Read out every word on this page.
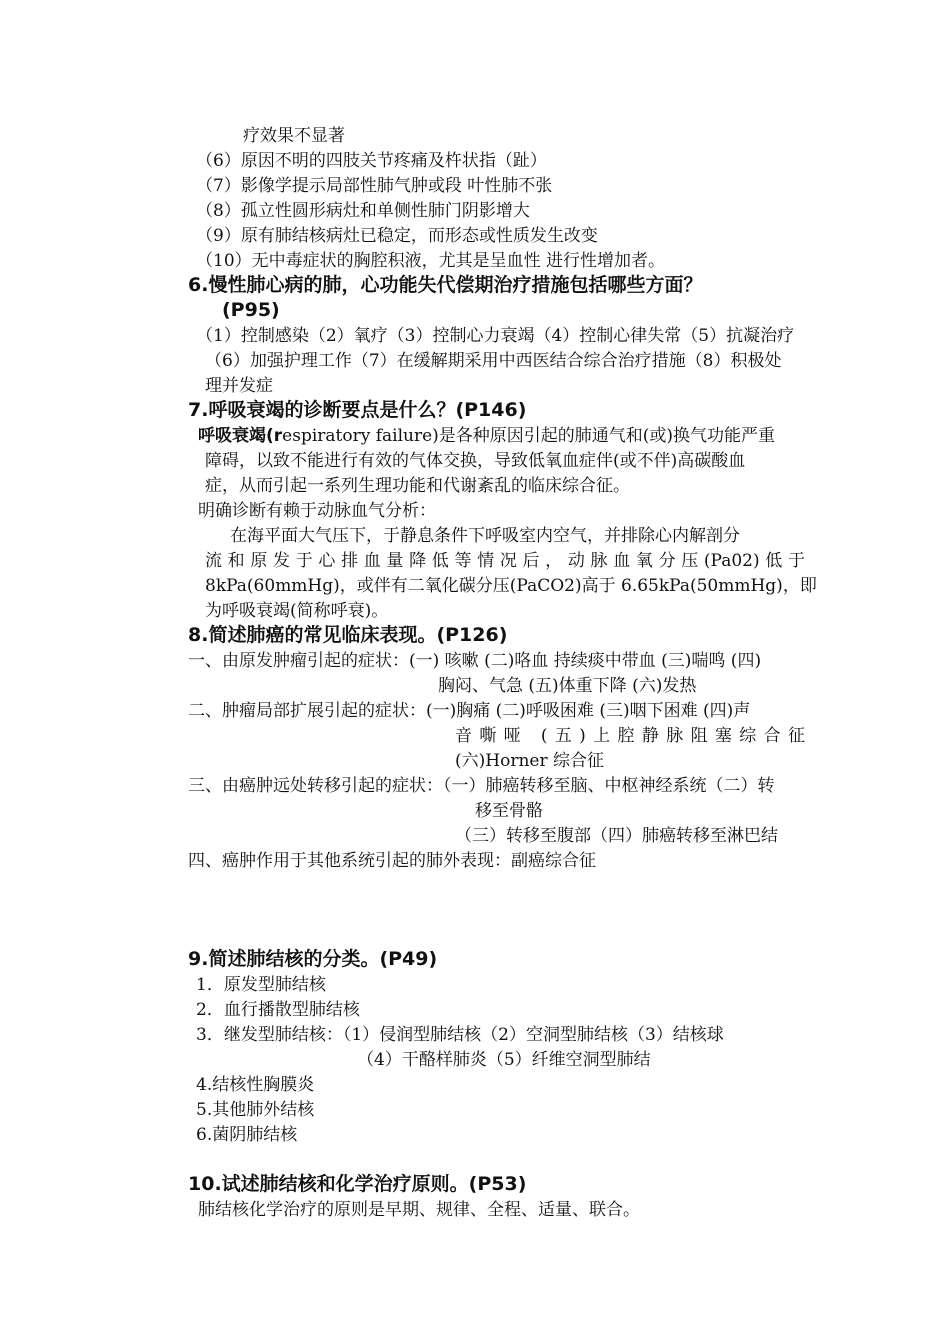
疗效果不显著
（6）原因不明的四肢关节疼痛及杵状指（趾）
（7）影像学提示局部性肺气肿或段 叶性肺不张
（8）孤立性圆形病灶和单侧性肺门阴影增大
（9）原有肺结核病灶已稳定，而形态或性质发生改变
（10）无中毒症状的胸腔积液，尤其是呈血性 进行性增加者。
6.慢性肺心病的肺，心功能失代偿期治疗措施包括哪些方面？
(P95)
（1）控制感染（2）氧疗（3）控制心力衰竭（4）控制心律失常（5）抗凝治疗
（6）加强护理工作（7）在缓解期采用中西医结合综合治疗措施（8）积极处
理并发症
7.呼吸衰竭的诊断要点是什么？(P146)
呼吸衰竭(respiratory failure)是各种原因引起的肺通气和(或)换气功能严重
障碍，以致不能进行有效的气体交换，导致低氧血症伴(或不伴)高碳酸血
症，从而引起一系列生理功能和代谢紊乱的临床综合征。
明确诊断有赖于动脉血气分析：
在海平面大气压下，于静息条件下呼吸室内空气，并排除心内解剖分
流和原发于心排血量降低等情况后，动脉血氧分压(Pa02)低于
8kPa(60mmHg)，或伴有二氧化碳分压(PaCO2)高于 6.65kPa(50mmHg)，即
为呼吸衰竭(简称呼衰)。
8.简述肺癌的常见临床表现。(P126)
一、由原发肿瘤引起的症状：(一) 咳嗽 (二)咯血 持续痰中带血 (三)喘鸣 (四)
胸闷、气急 (五)体重下降 (六)发热
二、肿瘤局部扩展引起的症状：(一)胸痛 (二)呼吸困难 (三)咽下困难 (四)声
音嘶哑 (五)上腔静脉阻塞综合征
(六)Horner 综合征
三、由癌肿远处转移引起的症状：（一）肺癌转移至脑、中枢神经系统（二）转
移至骨骼
（三）转移至腹部（四）肺癌转移至淋巴结
四、癌肿作用于其他系统引起的肺外表现：副癌综合征
9.简述肺结核的分类。(P49)
1．原发型肺结核
2．血行播散型肺结核
3．继发型肺结核：（1）侵润型肺结核（2）空洞型肺结核（3）结核球
（4）干酪样肺炎（5）纤维空洞型肺结
4.结核性胸膜炎
5.其他肺外结核
6.菌阴肺结核
10.试述肺结核和化学治疗原则。(P53)
肺结核化学治疗的原则是早期、规律、全程、适量、联合。
